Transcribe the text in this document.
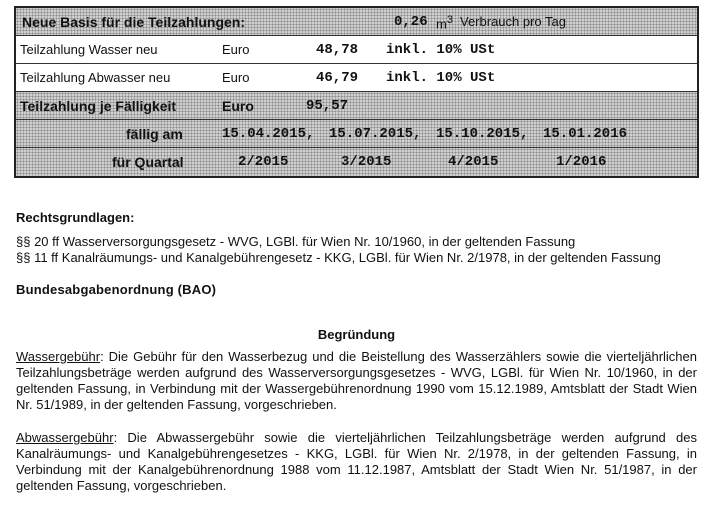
Neue Basis für die Teilzahlungen:	0,26 $m^3$ Verbrauch pro Tag
Teilzahlung Wasser neu	Euro	48,78 inkl. 10% USt
Teilzahlung Abwasser neu	Euro	46,79 inkl. 10% USt
Teilzahlung je Fälligkeit	Euro	95,57
fällig am	15.04.2015, 15.07.2015, 15.10.2015, 15.01.2016
für Quartal	2/2015	3/2015	4/2015	1/2016
Rechtsgrundlagen:
§§ 20 ff Wasserversorgungsgesetz - WVG, LGBl. für Wien Nr. 10/1960, in der geltenden Fassung
§§ 11 ff Kanalräumungs- und Kanalgebührengesetz - KKG, LGBl. für Wien Nr. 2/1978, in der geltenden Fassung
Bundesabgabenordnung (BAO)
Begründung
Wassergebühr: Die Gebühr für den Wasserbezug und die Beistellung des Wasserzählers sowie die vierteljährlichen Teilzahlungsbeträge werden aufgrund des Wasserversorgungsgesetzes - WVG, LGBl. für Wien Nr. 10/1960, in der geltenden Fassung, in Verbindung mit der Wassergebührenordnung 1990 vom 15.12.1989, Amtsblatt der Stadt Wien Nr. 51/1989, in der geltenden Fassung, vorgeschrieben.
Abwassergebühr: Die Abwassergebühr sowie die vierteljährlichen Teilzahlungsbeträge werden aufgrund des Kanalräumungs- und Kanalgebührengesetzes - KKG, LGBl. für Wien Nr. 2/1978, in der geltenden Fassung, in Verbindung mit der Kanalgebührenordnung 1988 vom 11.12.1987, Amtsblatt der Stadt Wien Nr. 51/1987, in der geltenden Fassung, vorgeschrieben.
